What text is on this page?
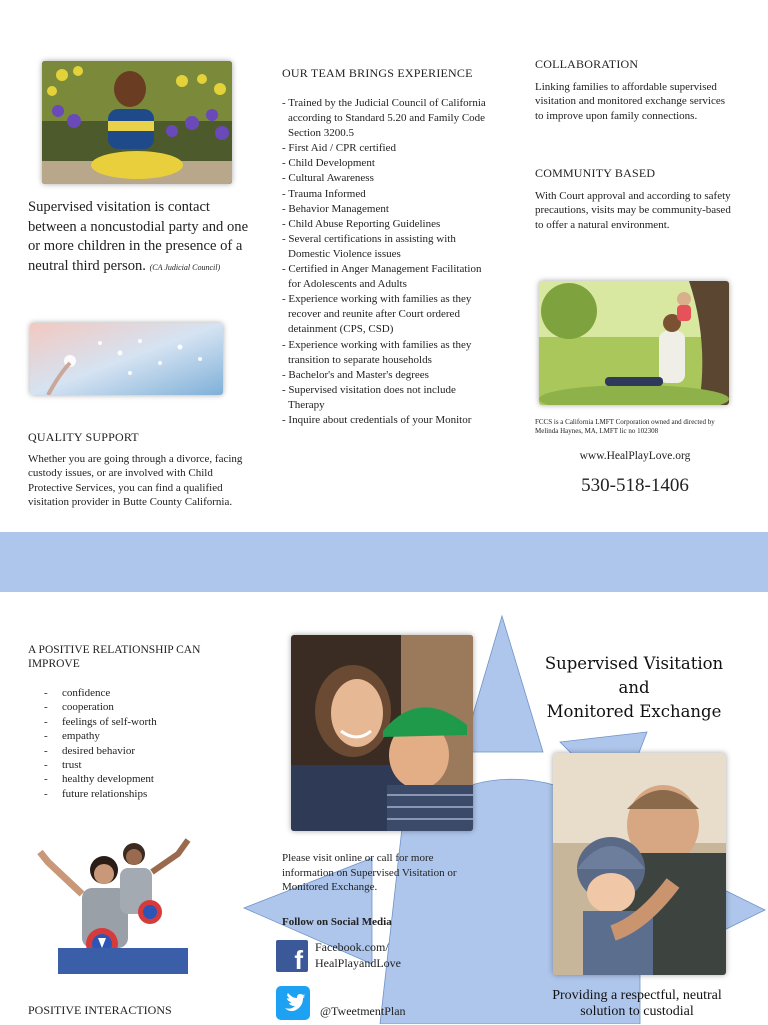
Supervised visitation is contact between a noncustodial party and one or more children in the presence of a neutral third person. (CA Judicial Council)
QUALITY SUPPORT
Whether you are going through a divorce, facing custody issues, or are involved with Child Protective Services, you can find a qualified visitation provider in Butte County California.
OUR TEAM BRINGS EXPERIENCE
- Trained by the Judicial Council of California according to Standard 5.20 and Family Code Section 3200.5
- First Aid / CPR certified
- Child Development
- Cultural Awareness
- Trauma Informed
- Behavior Management
- Child Abuse Reporting Guidelines
- Several certifications in assisting with Domestic Violence issues
- Certified in Anger Management Facilitation for Adolescents and Adults
- Experience working with families as they recover and reunite after Court ordered detainment (CPS, CSD)
- Experience working with families as they transition to separate households
- Bachelor's and Master's degrees
- Supervised visitation does not include Therapy
- Inquire about credentials of your Monitor
COLLABORATION
Linking families to affordable supervised visitation and monitored exchange services to improve upon family connections.
COMMUNITY BASED
With Court approval and according to safety precautions, visits may be community-based to offer a natural environment.
FCCS is a California LMFT Corporation owned and directed by Melinda Haynes, MA, LMFT lic no 102308
www.HealPlayLove.org
530-518-1406
A POSITIVE RELATIONSHIP CAN IMPROVE
- confidence
- cooperation
- feelings of self-worth
- empathy
- desired behavior
- trust
- healthy development
- future relationships
POSITIVE INTERACTIONS
Please visit online or call for more information on Supervised Visitation or Monitored Exchange.
Follow on Social Media
f	Facebook.com/
HealPlayandLove
@TweetmentPlan
Supervised Visitation
and
Monitored Exchange
Providing a respectful, neutral solution to custodial
